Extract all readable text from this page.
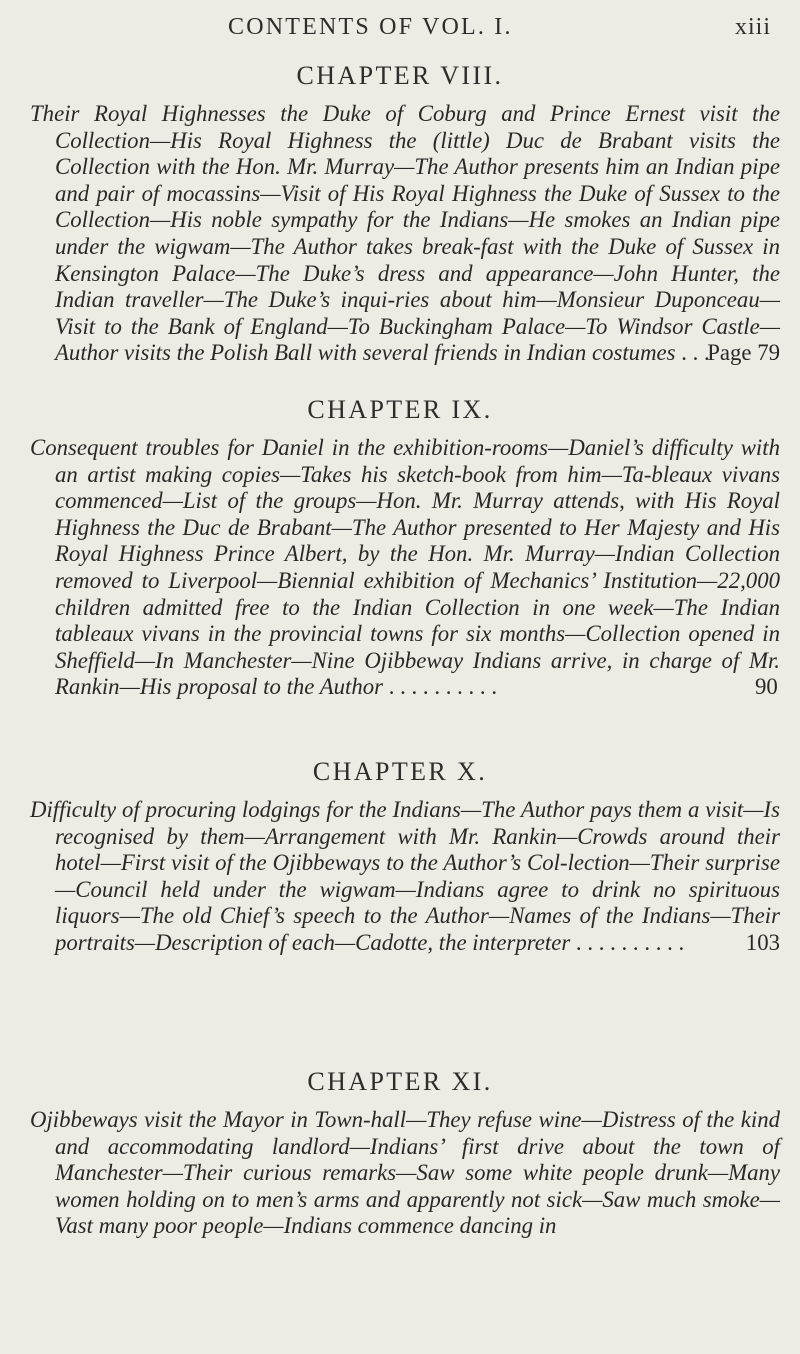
CONTENTS OF VOL. I.	xiii
CHAPTER VIII.

Their Royal Highnesses the Duke of Coburg and Prince Ernest visit the Collection—His Royal Highness the (little) Duc de Brabant visits the Collection with the Hon. Mr. Murray—The Author presents him an Indian pipe and pair of mocassins—Visit of His Royal Highness the Duke of Sussex to the Collection—His noble sympathy for the Indians—He smokes an Indian pipe under the wigwam—The Author takes break-fast with the Duke of Sussex in Kensington Palace—The Duke’s dress and appearance—John Hunter, the Indian traveller—The Duke’s inqui-ries about him—Monsieur Duponceau—Visit to the Bank of England—To Buckingham Palace—To Windsor Castle—Author visits the Polish Ball with several friends in Indian costumes . . .
Page 79

CHAPTER IX.

Consequent troubles for Daniel in the exhibition-rooms—Daniel’s difficulty with an artist making copies—Takes his sketch-book from him—Ta-bleaux vivans commenced—List of the groups—Hon. Mr. Murray attends, with His Royal Highness the Duc de Brabant—The Author presented to Her Majesty and His Royal Highness Prince Albert, by the Hon. Mr. Murray—Indian Collection removed to Liverpool—Biennial exhibition of Mechanics’ Institution—22,000 children admitted free to the Indian Collection in one week—The Indian tableaux vivans in the provincial towns for six months—Collection opened in Sheffield—In Manchester—Nine Ojibbeway Indians arrive, in charge of Mr. Rankin—His proposal to the Author . . . . . . . . . .	90

CHAPTER X.

Difficulty of procuring lodgings for the Indians—The Author pays them a visit—Is recognised by them—Arrangement with Mr. Rankin—Crowds around their hotel—First visit of the Ojibbeways to the Author’s Col-lection—Their surprise—Council held under the wigwam—Indians agree to drink no spirituous liquors—The old Chief’s speech to the Author—Names of the Indians—Their portraits—Description of each—Cadotte, the interpreter . . . . . . . . . .	103

CHAPTER XI.

Ojibbeways visit the Mayor in Town-hall—They refuse wine—Distress of the kind and accommodating landlord—Indians’ first drive about the town of Manchester—Their curious remarks—Saw some white people drunk—Many women holding on to men’s arms and apparently not sick—Saw much smoke—Vast many poor people—Indians commence dancing in
